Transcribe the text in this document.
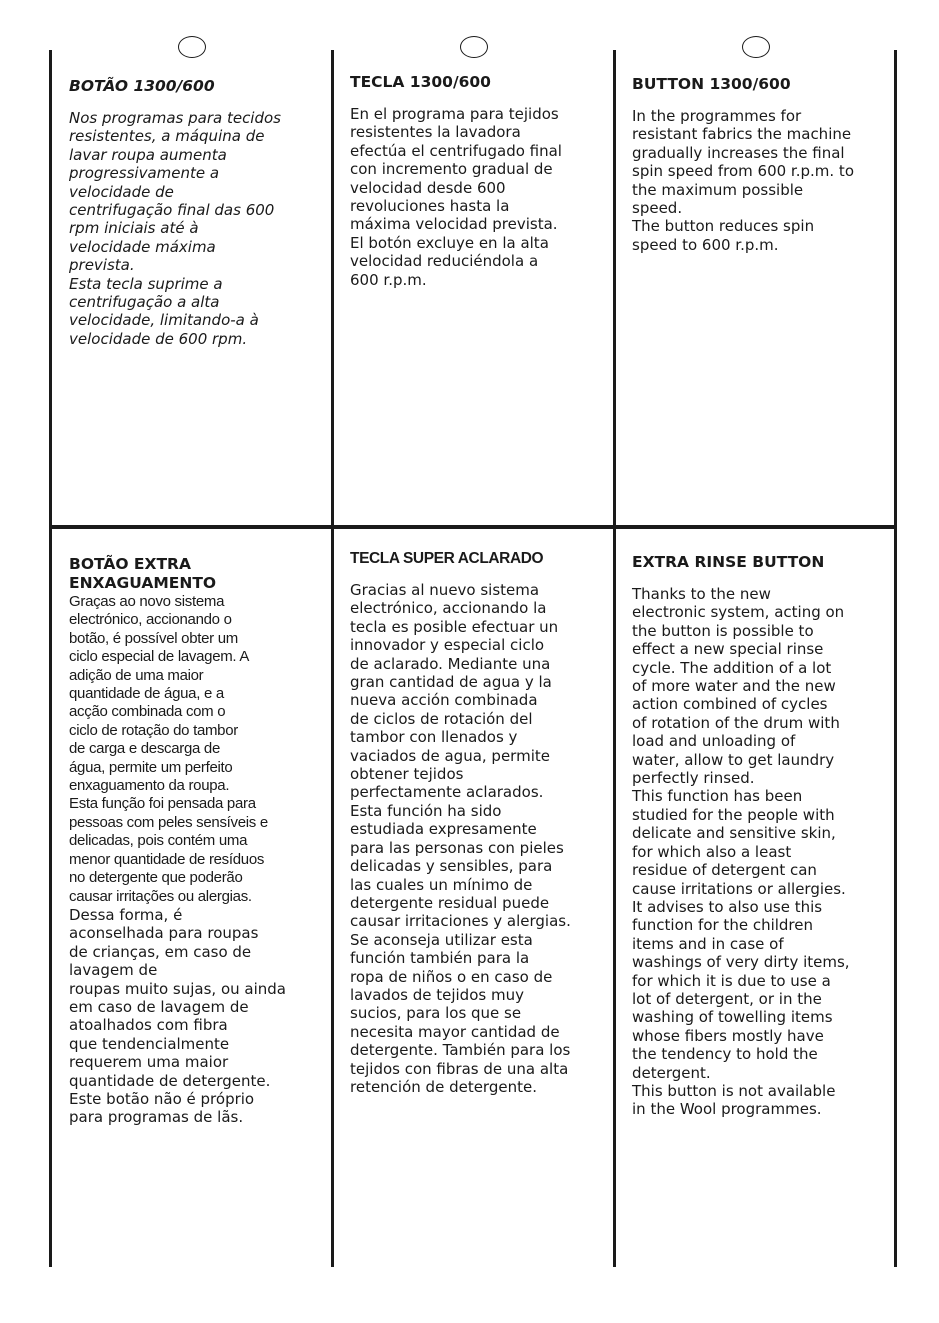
BOTÃO 1300/600

Nos programas para tecidos
resistentes, a máquina de
lavar roupa aumenta
progressivamente a
velocidade de
centrifugação final das 600
rpm iniciais até à
velocidade máxima
prevista.
Esta tecla suprime a
centrifugação a alta
velocidade, limitando-a à
velocidade de 600 rpm.

TECLA 1300/600

En el programa para tejidos
resistentes la lavadora
efectúa el centrifugado final
con incremento gradual de
velocidad desde 600
revoluciones hasta la
máxima velocidad prevista.
El botón excluye en la alta
velocidad reduciéndola a
600 r.p.m.

BUTTON 1300/600

In the programmes for
resistant fabrics the machine
gradually increases the final
spin speed from 600 r.p.m. to
the maximum possible
speed.
The button reduces spin
speed to 600 r.p.m.

BOTÃO EXTRA
ENXAGUAMENTO

Graças ao novo sistema
electrónico, accionando o
botão, é possível obter um
ciclo especial de lavagem. A
adição de uma maior
quantidade de água, e a
acção combinada com o
ciclo de rotação do tambor
de carga e descarga de
água, permite um perfeito
enxaguamento da roupa.
Esta função foi pensada para
pessoas com peles sensíveis e
delicadas, pois contém uma
menor quantidade de resíduos
no detergente que poderão
causar irritações ou alergias.

Dessa forma, é
aconselhada para roupas
de crianças, em caso de
lavagem de
roupas muito sujas, ou ainda
em caso de lavagem de
atoalhados com fibra
que tendencialmente
requerem uma maior
quantidade de detergente.
Este botão não é próprio
para programas de lãs.

TECLA SUPER ACLARADO

Gracias al nuevo sistema
electrónico, accionando la
tecla es posible efectuar un
innovador y especial ciclo
de aclarado. Mediante una
gran cantidad de agua y la
nueva acción combinada
de ciclos de rotación del
tambor con llenados y
vaciados de agua, permite
obtener tejidos
perfectamente aclarados.
Esta función ha sido
estudiada expresamente
para las personas con pieles
delicadas y sensibles, para
las cuales un mínimo de
detergente residual puede
causar irritaciones y alergias.
Se aconseja utilizar esta
función también para la
ropa de niños o en caso de
lavados de tejidos muy
sucios, para los que se
necesita mayor cantidad de
detergente. También para los
tejidos con fibras de una alta
retención de detergente.

EXTRA RINSE BUTTON

Thanks to the new
electronic system, acting on
the button is possible to
effect a new special rinse
cycle. The addition of a lot
of more water and the new
action combined of cycles
of rotation of the drum with
load and unloading of
water, allow to get laundry
perfectly rinsed.
This function has been
studied for the people with
delicate and sensitive skin,
for which also a least
residue of detergent can
cause irritations or allergies.
It advises to also use this
function for the children
items and in case of
washings of very dirty items,
for which it is due to use a
lot of detergent, or in the
washing of towelling items
whose fibers mostly have
the tendency to hold the
detergent.
This button is not available
in the Wool programmes.
